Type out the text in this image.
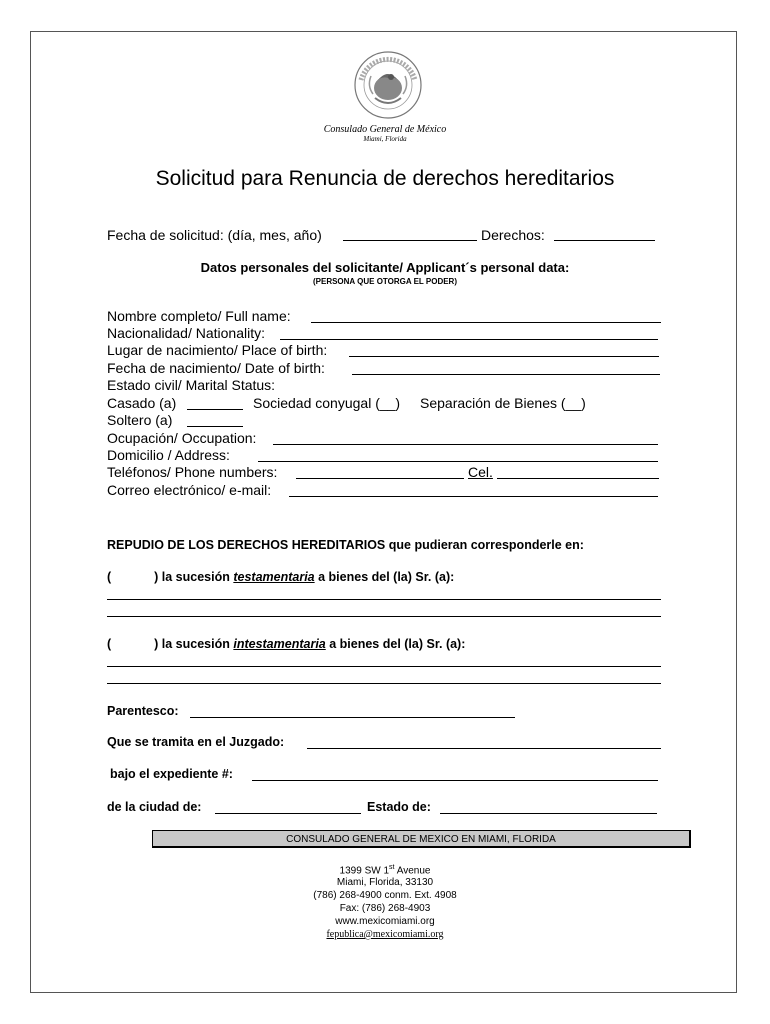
Consulado General de México
Miami, Florida
Solicitud para Renuncia de derechos hereditarios
Fecha de solicitud: (día, mes, año)	Derechos:
Datos personales del solicitante/ Applicant´s personal data:
(PERSONA QUE OTORGA EL PODER)
Nombre completo/ Full name:
Nacionalidad/ Nationality:
Lugar de nacimiento/ Place of birth:
Fecha de nacimiento/ Date of birth:
Estado civil/ Marital Status:
Casado (a)	Sociedad conyugal (__) Separación de Bienes (__)
Soltero (a)
Ocupación/ Occupation:
Domicilio / Address:
Teléfonos/ Phone numbers:	Cel.
Correo electrónico/ e-mail:
REPUDIO DE LOS DERECHOS HEREDITARIOS que pudieran corresponderle en:
(	) la sucesión testamentaria a bienes del (la) Sr. (a):
(	) la sucesión intestamentaria a bienes del (la) Sr. (a):
Parentesco:
Que se tramita en el Juzgado:
bajo el expediente #:
de la ciudad de:	Estado de:
CONSULADO GENERAL DE MEXICO EN MIAMI, FLORIDA
1399 SW 1st Avenue
Miami, Florida, 33130
(786) 268-4900 conm. Ext. 4908
Fax: (786) 268-4903
www.mexicomiami.org
fepublica@mexicomiami.org
